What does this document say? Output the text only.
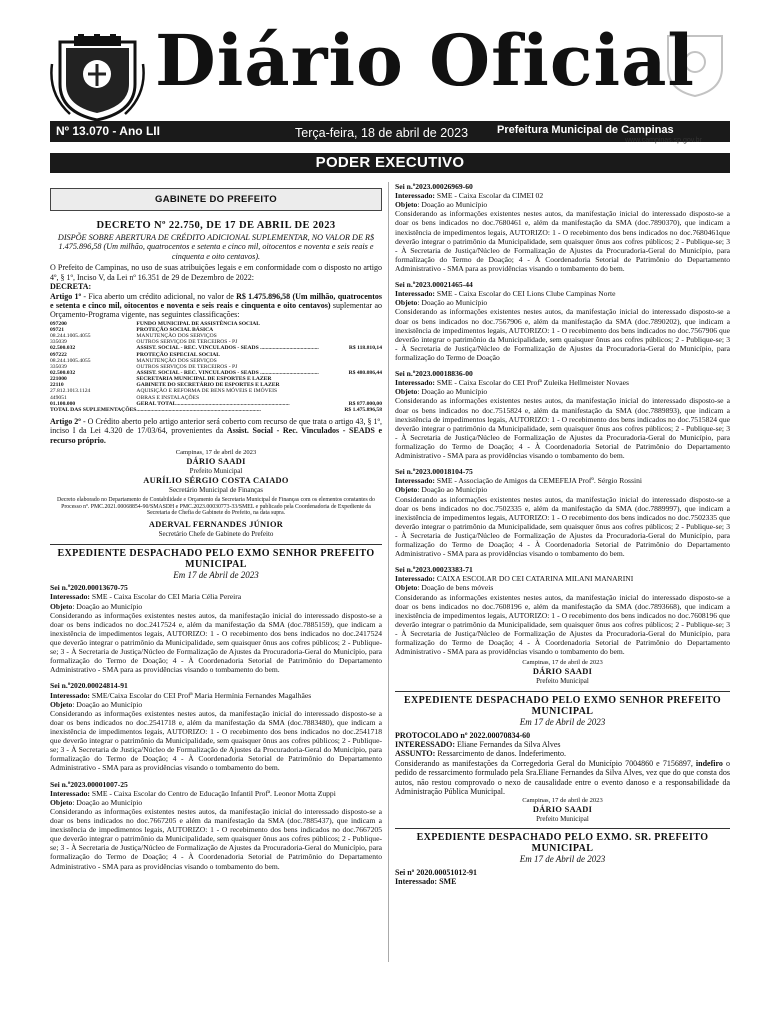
Diário Oficial
Nº 13.070 - Ano LII	Terça-feira, 18 de abril de 2023	Prefeitura Municipal de Campinas
www.campinas.sp.gov.br
PODER EXECUTIVO
GABINETE DO PREFEITO
DECRETO Nº 22.750, DE 17 DE ABRIL DE 2023
DISPÕE SOBRE ABERTURA DE CRÉDITO ADICIONAL SUPLEMENTAR, NO VALOR DE R$ 1.475.896,58 (Um milhão, quatrocentos e setenta e cinco mil, oitocentos e noventa e seis reais e cinquenta e oito centavos).
O Prefeito de Campinas, no uso de suas atribuições legais e em conformidade com o disposto no artigo 4º, § 1º, Inciso V, da Lei nº 16.351 de 29 de Dezembro de 2022:
DECRETA:
Artigo 1º - Fica aberto um crédito adicional, no valor de R$ 1.475.896,58 (Um milhão, quatrocentos e setenta e cinco mil, oitocentos e noventa e seis reais e cinquenta e oito centavos) suplementar ao Orçamento-Programa vigente, nas seguintes classificações:
097200	FUNDO MUNICIPAL DE ASSISTÊNCIA SOCIAL	
09721	PROTEÇÃO SOCIAL BÁSICA	
08.244.1005.4055	MANUTENÇÃO DOS SERVIÇOS	
335039	OUTROS SERVIÇOS DE TERCEIROS - PJ	
02.500.032	ASSIST. SOCIAL - REC. VINCULADOS - SEADS ..........................................	R$ 118.810,14
097222	PROTEÇÃO ESPECIAL SOCIAL	
08.244.1005.4055	MANUTENÇÃO DOS SERVIÇOS	
335039	OUTROS SERVIÇOS DE TERCEIROS - PJ	
02.500.032	ASSIST. SOCIAL - REC. VINCULADOS - SEADS ..........................................	R$ 480.086,44
221000	SECRETARIA MUNICIPAL DE ESPORTES E LAZER	
22110	GABINETE DO SECRETÁRIO DE ESPORTES E LAZER	
27.812.1013.1124	AQUISIÇÃO E REFORMA DE BENS MÓVEIS E IMÓVEIS	
449051	OBRAS E INSTALAÇÕES	
01.100.000	GERAL TOTAL.................................................................................	R$ 877.000,00
TOTAL DAS SUPLEMENTAÇÕES	.........................................................................................	R$ 1.475.896,58
Artigo 2º - O Crédito aberto pelo artigo anterior será coberto com recurso de que trata o artigo 43, § 1º, inciso I da Lei 4.320 de 17/03/64, provenientes da Assist. Social - Rec. Vinculados - SEADS e recurso próprio.
Campinas, 17 de abril de 2023
DÁRIO SAADI
Prefeito Municipal
AURÍLIO SÉRGIO COSTA CAIADO
Secretário Municipal de Finanças
Decreto elaborado no Departamento de Contabilidade e Orçamento da Secretaria Municipal de Finanças com os elementos constantes do Processo nº. PMC.2021.00068854-90/SMASDH e PMC.2023.00030773-33/SMEL e publicado pela Coordenadoria de Expediente da Secretaria de Chefia de Gabinete do Prefeito, na data supra.
ADERVAL FERNANDES JÚNIOR
Secretário Chefe de Gabinete do Prefeito
EXPEDIENTE DESPACHADO PELO EXMO SENHOR PREFEITO MUNICIPAL
Em 17 de Abril de 2023

Sei n.º2020.00013670-75

Interessado: SME - Caixa Escolar do CEI Maria Célia Pereira

Objeto: Doação ao Município

Considerando as informações existentes nestes autos, da manifestação inicial do interessado disposto-se a doar os bens indicados no doc.2417524 e, além da manifestação da SMA (doc.7885159), que indicam a inexistência de impedimentos legais, AUTORIZO: 1 - O recebimento dos bens indicados no doc.2417524 que deverão integrar o patrimônio da Municipalidade, sem quaisquer ônus aos cofres públicos; 2 - Publique-se; 3 - À Secretaria de Justiça/Núcleo de Formalização de Ajustes da Procuradoria-Geral do Município, para formalização do Termo de Doação; 4 - À Coordenadoria Setorial de Patrimônio do Departamento Administrativo - SMA para as providências visando o tombamento do bem.

Sei n.º2020.00024814-91

Interessado: SME/Caixa Escolar do CEI Profª Maria Hermínia Fernandes Magalhães

Objeto: Doação ao Município

Considerando as informações existentes nestes autos, da manifestação inicial do interessado disposto-se a doar os bens indicados no doc.2541718 e, além da manifestação da SMA (doc.7883480), que indicam a inexistência de impedimentos legais, AUTORIZO: 1 - O recebimento dos bens indicados no doc.2541718 que deverão integrar o patrimônio da Municipalidade, sem quaisquer ônus aos cofres públicos; 2 - Publique-se; 3 - À Secretaria de Justiça/Núcleo de Formalização de Ajustes da Procuradoria-Geral do Município, para formalização do Termo de Doação; 4 - À Coordenadoria Setorial de Patrimônio do Departamento Administrativo - SMA para as providências visando o tombamento do bem.

Sei n.º2023.00001007-25

Interessado: SME - Caixa Escolar do Centro de Educação Infantil Profª. Leonor Motta Zuppi

Objeto: Doação ao Município

Considerando as informações existentes nestes autos, da manifestação inicial do interessado disposto-se a doar os bens indicados no doc.7667205 e além da manifestação da SMA (doc.7885437), que indicam a inexistência de impedimentos legais, AUTORIZO: 1 - O recebimento dos bens indicados no doc.7667205 que deverão integrar o patrimônio da Municipalidade, sem quaisquer ônus aos cofres públicos; 2 - Publique-se; 3 - À Secretaria de Justiça/Núcleo de Formalização de Ajustes da Procuradoria-Geral do Município, para formalização do Termo de Doação; 4 - À Coordenadoria Setorial de Patrimônio do Departamento Administrativo - SMA para as providências visando o tombamento do bem.

Sei n.º2023.00026969-60

Interessado: SME - Caixa Escolar da CIMEI 02

Objeto: Doação ao Município

Considerando as informações existentes nestes autos, da manifestação inicial do interessado disposto-se a doar os bens indicados no doc.7680461 e, além da manifestação da SMA (doc.7890370), que indicam a inexistência de impedimentos legais, AUTORIZO: 1 - O recebimento dos bens indicados no doc.7680461que deverão integrar o patrimônio da Municipalidade, sem quaisquer ônus aos cofres públicos; 2 - Publique-se; 3 - À Secretaria de Justiça/Núcleo de Formalização de Ajustes da Procuradoria-Geral do Município, para formalização do Termo de Doação; 4 - À Coordenadoria Setorial de Patrimônio do Departamento Administrativo - SMA para as providências visando o tombamento do bem.

Sei n.º2023.00021465-44

Interessado: SME - Caixa Escolar do CEI Lions Clube Campinas Norte

Objeto: Doação ao Município

Considerando as informações existentes nestes autos, da manifestação inicial do interessado disposto-se a doar os bens indicados no doc.7567906 e, além da manifestação da SMA (doc.7890202), que indicam a inexistência de impedimentos legais, AUTORIZO: 1 - O recebimento dos bens indicados no doc.7567906 que deverão integrar o patrimônio da Municipalidade, sem quaisquer ônus aos cofres públicos; 2 - Publique-se; 3 - À Secretaria de Justiça/Núcleo de Formalização de Ajustes da Procuradoria-Geral do Município, para formalização do Termo de Doação

Sei n.º2023.00018836-00

Interessado: SME - Caixa Escolar do CEI Profª Zuleika Hellmeister Novaes

Objeto: Doação ao Município

Considerando as informações existentes nestes autos, da manifestação inicial do interessado disposto-se a doar os bens indicados no doc.7515824 e, além da manifestação da SMA (doc.7889893), que indicam a inexistência de impedimentos legais, AUTORIZO: 1 - O recebimento dos bens indicados no doc.7515824 que deverão integrar o patrimônio da Municipalidade, sem quaisquer ônus aos cofres públicos; 2 - Publique-se; 3 - À Secretaria de Justiça/Núcleo de Formalização de Ajustes da Procuradoria-Geral do Município, para formalização do Termo de Doação; 4 - À Coordenadoria Setorial de Patrimônio do Departamento Administrativo - SMA para as providências visando o tombamento do bem.

Sei n.º2023.00018104-75

Interessado: SME - Associação de Amigos da CEMEFEJA Profº. Sérgio Rossini

Objeto: Doação ao Município

Considerando as informações existentes nestes autos, da manifestação inicial do interessado disposto-se a doar os bens indicados no doc.7502335 e, além da manifestação da SMA (doc.7889997), que indicam a inexistência de impedimentos legais, AUTORIZO: 1 - O recebimento dos bens indicados no doc.7502335 que deverão integrar o patrimônio da Municipalidade, sem quaisquer ônus aos cofres públicos; 2 - Publique-se; 3 - À Secretaria de Justiça/Núcleo de Formalização de Ajustes da Procuradoria-Geral do Município, para formalização do Termo de Doação; 4 - À Coordenadoria Setorial de Patrimônio do Departamento Administrativo - SMA para as providências visando o tombamento do bem.

Sei n.º2023.00023383-71

Interessado: CAIXA ESCOLAR DO CEI CATARINA MILANI MANARINI

Objeto: Doação de bens móveis

Considerando as informações existentes nestes autos, da manifestação inicial do interessado disposto-se a doar os bens indicados no doc.7608196 e, além da manifestação da SMA (doc.7893668), que indicam a inexistência de impedimentos legais, AUTORIZO: 1 - O recebimento dos bens indicados no doc.7608196 que deverão integrar o patrimônio da Municipalidade, sem quaisquer ônus aos cofres públicos; 2 - Publique-se; 3 - À Secretaria de Justiça/Núcleo de Formalização de Ajustes da Procuradoria-Geral do Município, para formalização do Termo de Doação; 4 - À Coordenadoria Setorial de Patrimônio do Departamento Administrativo - SMA para as providências visando o tombamento do bem.

Campinas, 17 de abril de 2023
DÁRIO SAADI
Prefeito Municipal
EXPEDIENTE DESPACHADO PELO EXMO SENHOR PREFEITO MUNICIPAL
Em 17 de Abril de 2023
PROTOCOLADO nº 2022.00070834-60
INTERESSADO: Eliane Fernandes da Silva Alves
ASSUNTO: Ressarcimento de danos. Indeferimento.
Considerando as manifestações da Corregedoria Geral do Município 7004860 e 7156897, indefiro o pedido de ressarcimento formulado pela Sra.Eliane Fernandes da Silva Alves, vez que do que consta dos autos, não restou comprovado o nexo de causalidade entre o evento danoso e a responsabilidade da Administração Pública Municipal.
Campinas, 17 de abril de 2023
DÁRIO SAADI
Prefeito Municipal
EXPEDIENTE DESPACHADO PELO EXMO. SR. PREFEITO MUNICIPAL
Em 17 de Abril de 2023
Sei nº 2020.00051012-91
Interessado: SME
